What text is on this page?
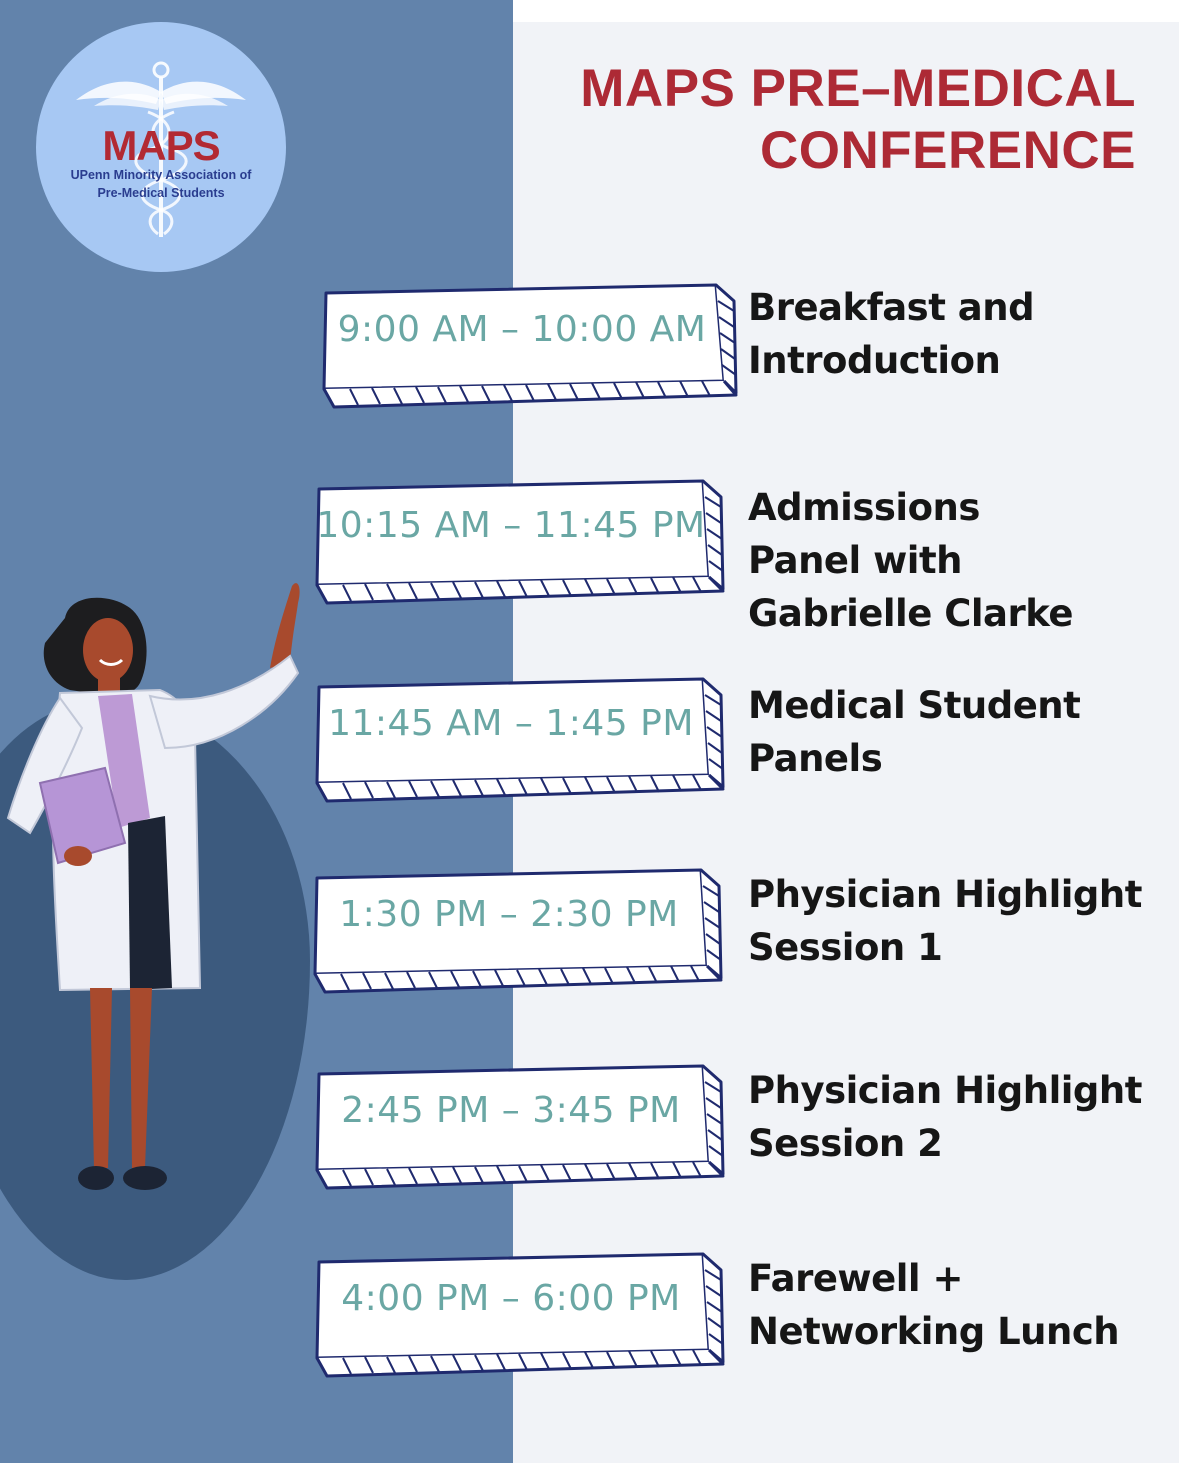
MAPS
UPenn Minority Association of
Pre-Medical Students
MAPS PRE–MEDICAL
CONFERENCE
9:00 AM – 10:00 AM	Breakfast and
Introduction
10:15 AM – 11:45 PM Admissions
Panel with
Gabrielle Clarke
11:45 AM – 1:45 PM	Medical Student
Panels
1:30 PM – 2:30 PM	Physician Highlight
Session 1
2:45 PM – 3:45 PM	Physician Highlight
Session 2
4:00 PM – 6:00 PM	Farewell +
Networking Lunch
